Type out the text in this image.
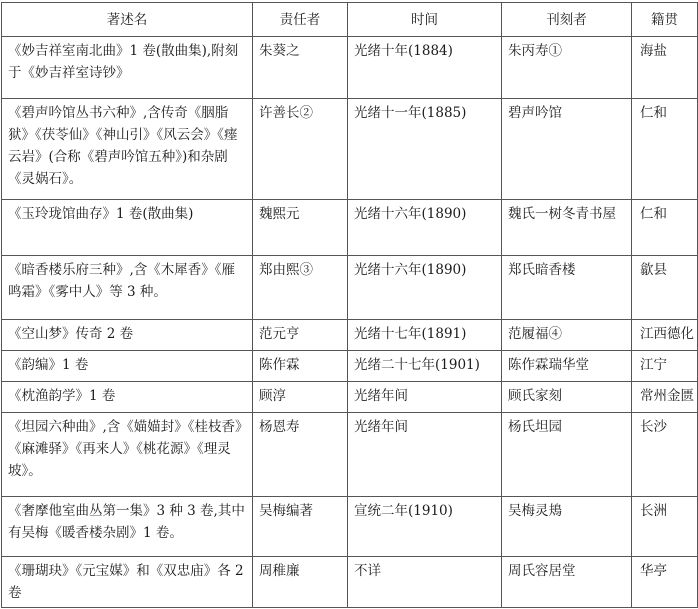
著述名	责任者	时间	刊刻者	籍贯
《妙吉祥室南北曲》1 卷(散曲集),附刻于《妙吉祥室诗钞》	朱葵之	光绪十年(1884)	朱丙寿①	海盐
《碧声吟馆丛书六种》,含传奇《胭脂狱》《茯苓仙》《神山引》《风云会》《瘗云岩》(合称《碧声吟馆五种》)和杂剧《灵娲石》。	许善长②	光绪十一年(1885)	碧声吟馆	仁和
《玉玲珑馆曲存》1 卷(散曲集)	魏熙元	光绪十六年(1890)	魏氏一树冬青书屋	仁和
《暗香楼乐府三种》,含《木犀香》《雁鸣霜》《雾中人》等 3 种。	郑由熙③	光绪十六年(1890)	郑氏暗香楼	歙县
《空山梦》传奇 2 卷	范元亨	光绪十七年(1891)	范履福④	江西德化
《韵编》1 卷	陈作霖	光绪二十七年(1901)	陈作霖瑞华堂	江宁
《枕渔韵学》1 卷	顾淳	光绪年间	顾氏家刻	常州金匮
《坦园六种曲》,含《媌媌封》《桂枝香》《麻滩驿》《再来人》《桃花源》《理灵坡》。	杨恩寿	光绪年间	杨氏坦园	长沙
《奢摩他室曲丛第一集》3 种 3 卷,其中有吴梅《暖香楼杂剧》1 卷。	吴梅编著	宣统二年(1910)	吴梅灵鳺	长洲
《珊瑚玦》《元宝媒》和《双忠庙》各 2 卷	周稚廉	不详	周氏容居堂	华亭
